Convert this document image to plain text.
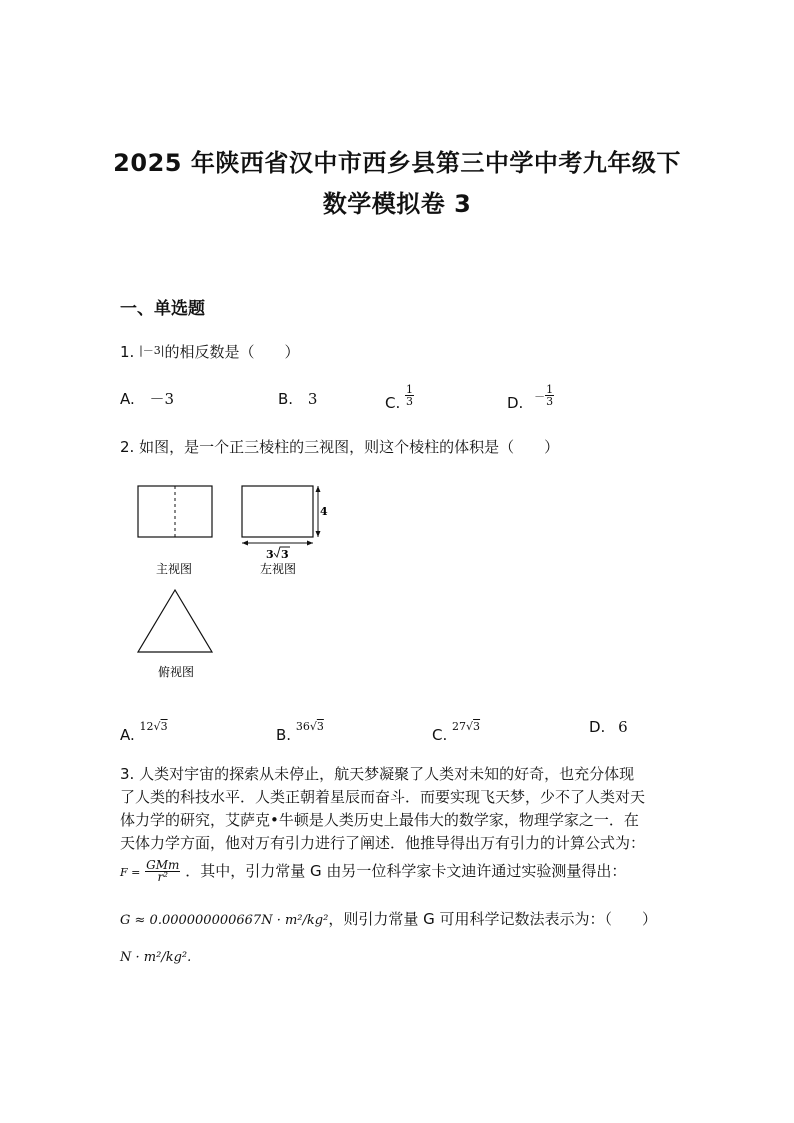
2025 年陕西省汉中市西乡县第三中学中考九年级下
数学模拟卷 3
一、单选题
1. $^{|-3|}$的相反数是（　　）
A. －3	B. 3	C. $\frac{1}{3}$	D. － $\frac{1}{3}$
2. 如图，是一个正三棱柱的三视图，则这个棱柱的体积是（　　）
4
3 3
主视图	左视图
俯视图
A. $^{12√3}$	B. $^{36√3}$	C. $^{27√3}$	D. 6
3. 人类对宇宙的探索从未停止，航天梦凝聚了人类对未知的好奇，也充分体现
了人类的科技水平．人类正朝着星辰而奋斗．而要实现飞天梦，少不了人类对天
体力学的研究，艾萨克•牛顿是人类历史上最伟大的数学家，物理学家之一．在
天体力学方面，他对万有引力进行了阐述．他推导得出万有引力的计算公式为：
$F = \frac{\text{GMm}}{\text{r²}}$ ．其中，引力常量 G 由另一位科学家卡文迪许通过实验测量得出：
G ≈ 0.000000000667N · m²/kg²，则引力常量 G 可用科学记数法表示为：（　　）
N · m²/kg².
